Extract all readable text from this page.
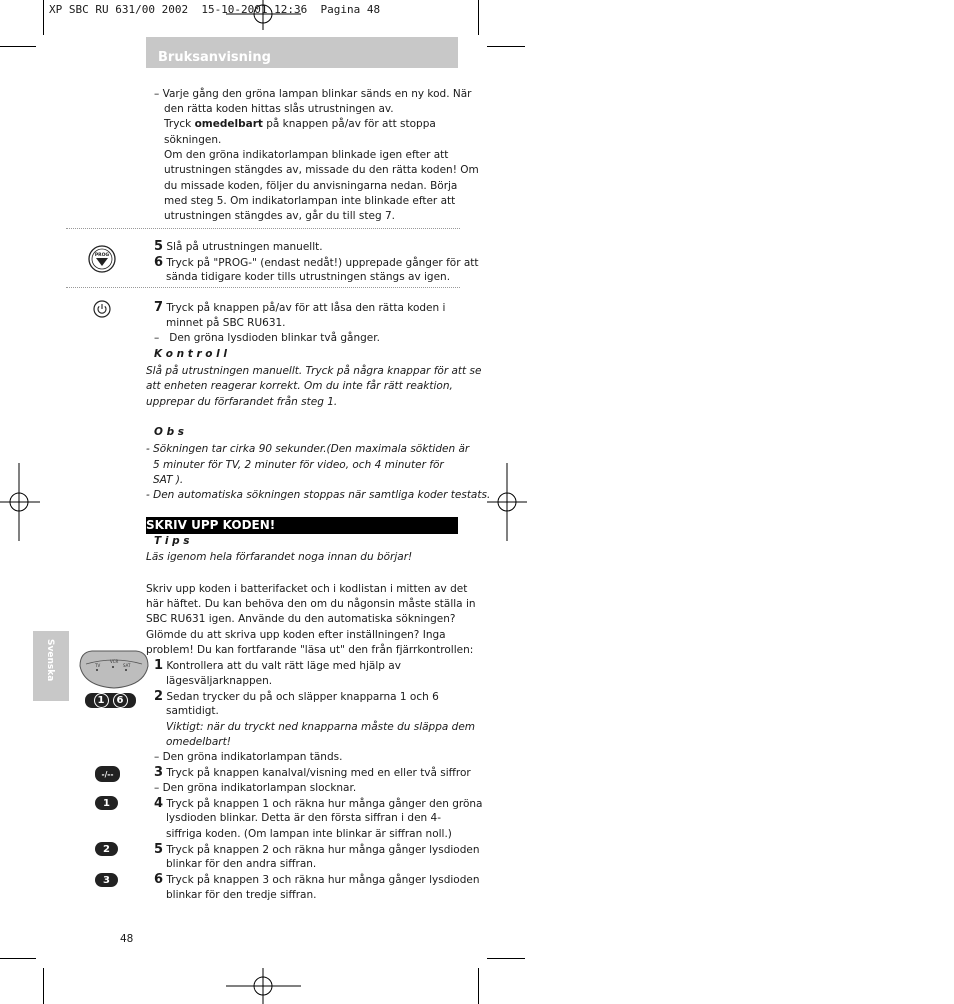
XP SBC RU 631/00 2002  15-10-2001 12:36  Pagina 48
Bruksanvisning
– Varje gång den gröna lampan blinkar sänds en ny kod. När
den rätta koden hittas slås utrustningen av.
Tryck omedelbart på knappen på/av för att stoppa
sökningen.
Om den gröna indikatorlampan blinkade igen efter att
utrustningen stängdes av, missade du den rätta koden! Om
du missade koden, följer du anvisningarna nedan. Börja
med steg 5. Om indikatorlampan inte blinkade efter att
utrustningen stängdes av, går du till steg 7.
PROG
5 Slå på utrustningen manuellt.
6 Tryck på "PROG-" (endast nedåt!) upprepade gånger för att
sända tidigare koder tills utrustningen stängs av igen.
7 Tryck på knappen på/av för att låsa den rätta koden i
minnet på SBC RU631.
–   Den gröna lysdioden blinkar två gånger.
K o n t r o l l
Slå på utrustningen manuellt. Tryck på några knappar för att se
att enheten reagerar korrekt. Om du inte får rätt reaktion,
upprepar du förfarandet från steg 1.
O b s
- Sökningen tar cirka 90 sekunder.(Den maximala söktiden är
5 minuter för TV, 2 minuter för video, och 4 minuter för
SAT ).
- Den automatiska sökningen stoppas när samtliga koder testats.
SKRIV UPP KODEN!
T i p s
Läs igenom hela förfarandet noga innan du börjar!
Skriv upp koden i batterifacket och i kodlistan i mitten av det
här häftet. Du kan behöva den om du någonsin måste ställa in
SBC RU631 igen. Använde du den automatiska sökningen?
Glömde du att skriva upp koden efter inställningen? Inga
problem! Du kan fortfarande "läsa ut" den från fjärrkontrollen:
Svenska	TV
VCR
SAT
1	6
1 Kontrollera att du valt rätt läge med hjälp av
lägesväljarknappen.
2 Sedan trycker du på och släpper knapparna 1 och 6
samtidigt.
Viktigt: när du tryckt ned knapparna måste du släppa dem
omedelbart!
– Den gröna indikatorlampan tänds.
-/--	3 Tryck på knappen kanalval/visning med en eller två siffror
– Den gröna indikatorlampan slocknar.
1	4 Tryck på knappen 1 och räkna hur många gånger den gröna
lysdioden blinkar. Detta är den första siffran i den 4-
siffriga koden. (Om lampan inte blinkar är siffran noll.)
2	5 Tryck på knappen 2 och räkna hur många gånger lysdioden
blinkar för den andra siffran.
3	6 Tryck på knappen 3 och räkna hur många gånger lysdioden
blinkar för den tredje siffran.
48
